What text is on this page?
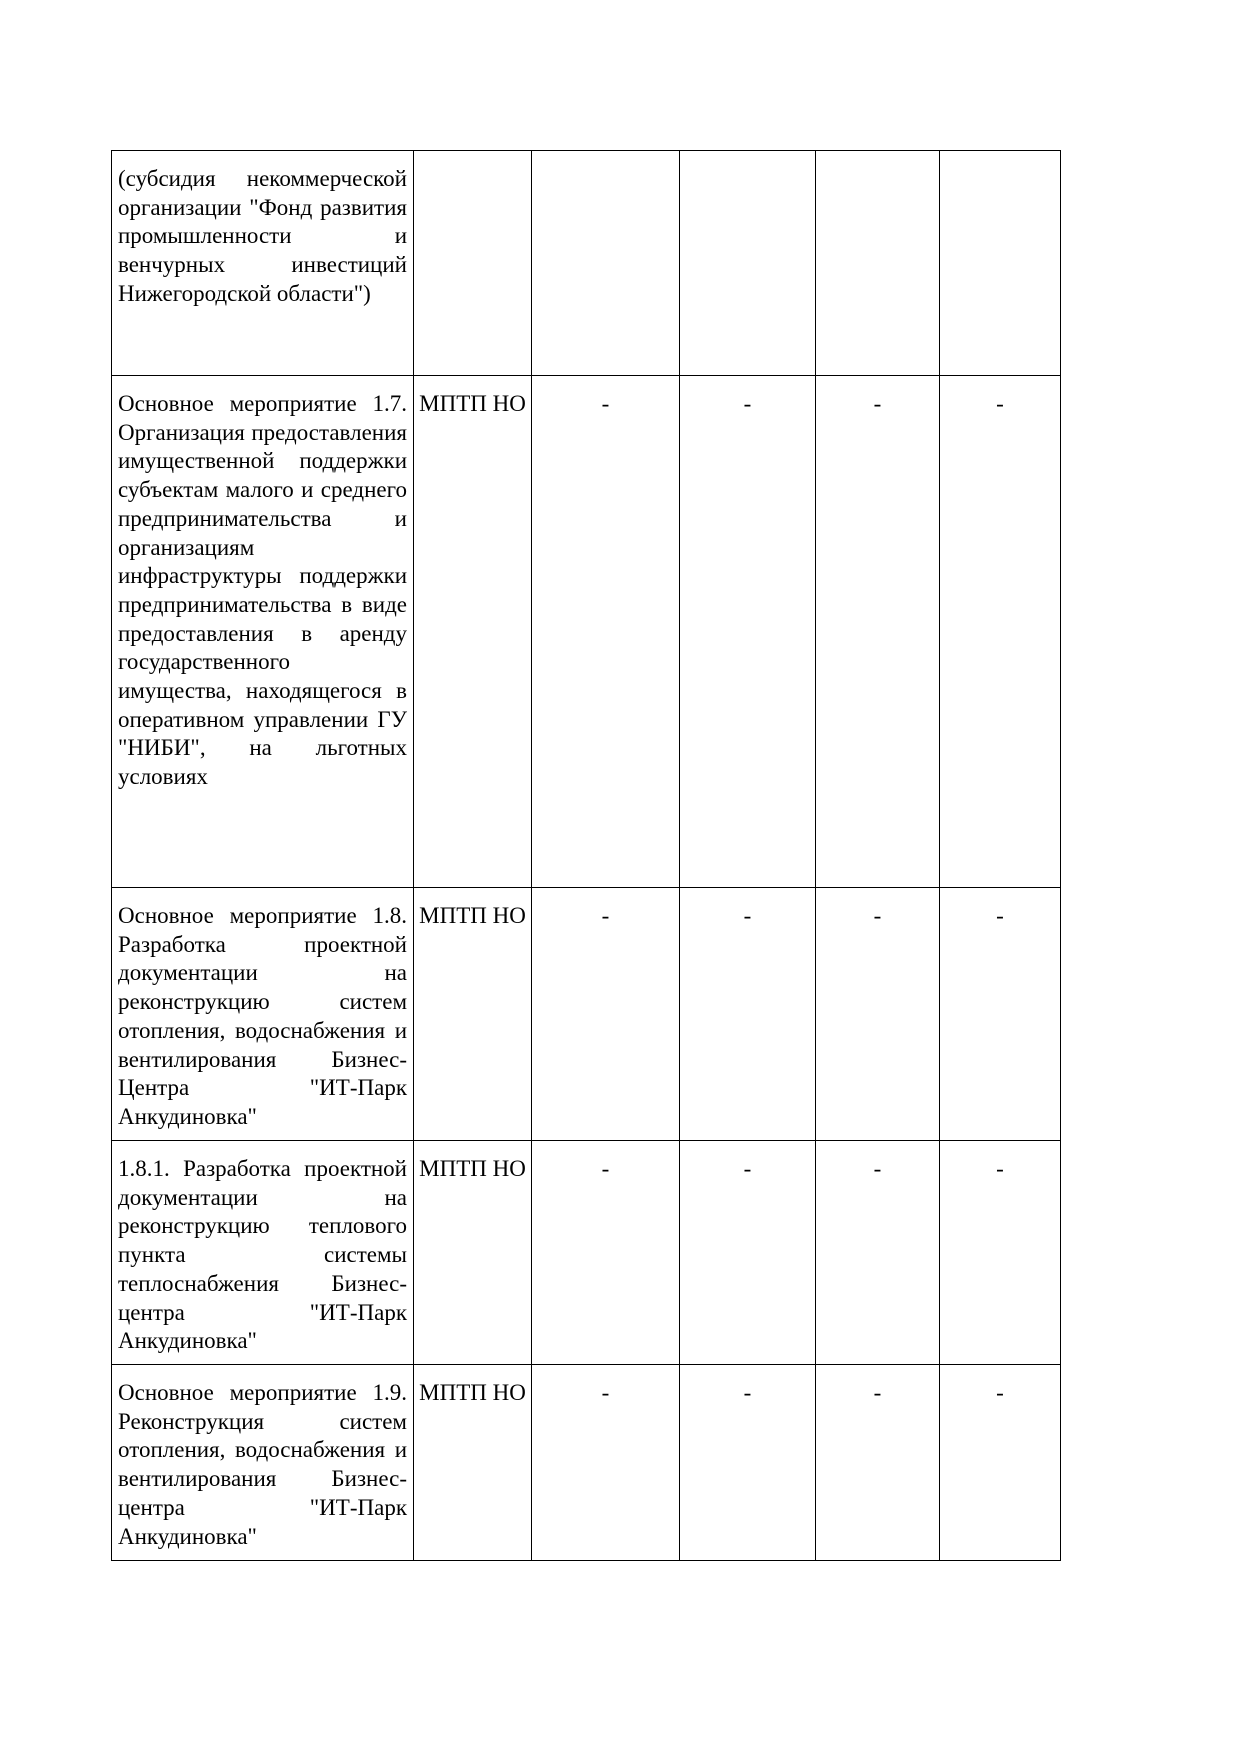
(субсидия некоммерческой организации "Фонд развития промышленности и венчурных инвестиций Нижегородской области")					
Основное мероприятие 1.7. Организация предоставления имущественной поддержки субъектам малого и среднего предпринимательства и организациям инфраструктуры поддержки предпринимательства в виде предоставления в аренду государственного имущества, находящегося в оперативном управлении ГУ "НИБИ", на льготных условиях	МПТП НО	-	-	-	-
Основное мероприятие 1.8. Разработка проектной документации на реконструкцию систем отопления, водоснабжения и вентилирования Бизнес-Центра "ИТ-Парк Анкудиновка"	МПТП НО	-	-	-	-
1.8.1. Разработка проектной документации на реконструкцию теплового пункта системы теплоснабжения Бизнес-центра "ИТ-Парк Анкудиновка"	МПТП НО	-	-	-	-
Основное мероприятие 1.9. Реконструкция систем отопления, водоснабжения и вентилирования Бизнес-центра "ИТ-Парк Анкудиновка"	МПТП НО	-	-	-	-
